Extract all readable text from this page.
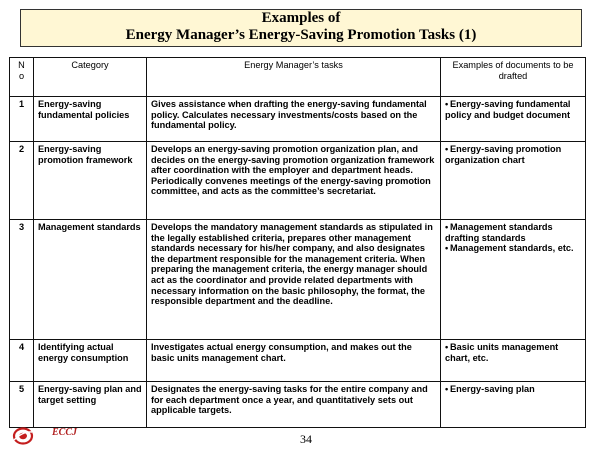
Examples of
Energy Manager’s Energy-Saving Promotion Tasks (1)
N
o	Category	Energy Manager’s tasks	Examples of documents to be drafted
1	Energy-saving fundamental policies	Gives assistance when drafting the energy-saving fundamental policy. Calculates necessary investments/costs based on the fundamental policy.	• Energy-saving fundamental policy and budget document

2	Energy-saving promotion framework	Develops an energy-saving promotion organization plan, and decides on the energy-saving promotion organization framework after coordination with the employer and department heads. Periodically convenes meetings of the energy-saving promotion committee, and acts as the committee’s secretariat.	• Energy-saving promotion organization chart

3	Management standards	Develops the mandatory management standards as stipulated in the legally established criteria, prepares other management standards necessary for his/her company, and also designates the department responsible for the management criteria. When preparing the management criteria, the energy manager should act as the coordinator and provide related departments with necessary information on the basic philosophy, the format, the responsible department and the deadline.	• Management standards drafting standards
• Management standards, etc.

4	Identifying actual energy consumption	Investigates actual energy consumption, and makes out the basic units management chart.	• Basic units management chart, etc.

5	Energy-saving plan and target setting	Designates the energy-saving tasks for the entire company and for each department once a year, and quantitatively sets out applicable targets.	• Energy-saving plan
ECCJ	34
